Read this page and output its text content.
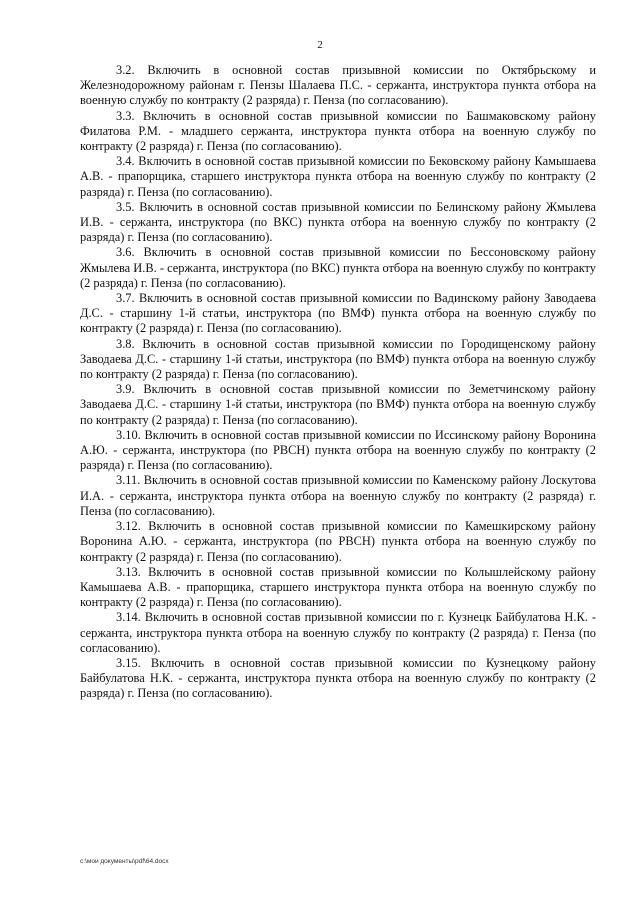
2

3.2. Включить в основной состав призывной комиссии по Октябрьскому и Железнодорожному районам г. Пензы Шалаева П.С. - сержанта, инструктора пункта отбора на военную службу по контракту (2 разряда) г. Пенза (по согласованию).

3.3. Включить в основной состав призывной комиссии по Башмаковскому району Филатова Р.М. - младшего сержанта, инструктора пункта отбора на военную службу по контракту (2 разряда) г. Пенза (по согласованию).

3.4. Включить в основной состав призывной комиссии по Бековскому району Камышаева А.В. - прапорщика, старшего инструктора пункта отбора на военную службу по контракту (2 разряда) г. Пенза (по согласованию).

3.5. Включить в основной состав призывной комиссии по Белинскому району Жмылева И.В. - сержанта, инструктора (по ВКС) пункта отбора на военную службу по контракту (2 разряда) г. Пенза (по согласованию).

3.6. Включить в основной состав призывной комиссии по Бессоновскому району Жмылева И.В. - сержанта, инструктора (по ВКС) пункта отбора на военную службу по контракту (2 разряда) г. Пенза (по согласованию).

3.7. Включить в основной состав призывной комиссии по Вадинскому району Заводаева Д.С. - старшину 1-й статьи, инструктора (по ВМФ) пункта отбора на военную службу по контракту (2 разряда) г. Пенза (по согласованию).

3.8. Включить в основной состав призывной комиссии по Городищенскому району Заводаева Д.С. - старшину 1-й статьи, инструктора (по ВМФ) пункта отбора на военную службу по контракту (2 разряда) г. Пенза (по согласованию).

3.9. Включить в основной состав призывной комиссии по Земетчинскому району Заводаева Д.С. - старшину 1-й статьи, инструктора (по ВМФ) пункта отбора на военную службу по контракту (2 разряда) г. Пенза (по согласованию).

3.10. Включить в основной состав призывной комиссии по Иссинскому району Воронина А.Ю. - сержанта, инструктора (по РВСН) пункта отбора на военную службу по контракту (2 разряда) г. Пенза (по согласованию).

3.11. Включить в основной состав призывной комиссии по Каменскому району Лоскутова И.А. - сержанта, инструктора пункта отбора на военную службу по контракту (2 разряда) г. Пенза (по согласованию).

3.12. Включить в основной состав призывной комиссии по Камешкирскому району Воронина А.Ю. - сержанта, инструктора (по РВСН) пункта отбора на военную службу по контракту (2 разряда) г. Пенза (по согласованию).

3.13. Включить в основной состав призывной комиссии по Колышлейскому району Камышаева А.В. - прапорщика, старшего инструктора пункта отбора на военную службу по контракту (2 разряда) г. Пенза (по согласованию).

3.14. Включить в основной состав призывной комиссии по г. Кузнецк Байбулатова Н.К. - сержанта, инструктора пункта отбора на военную службу по контракту (2 разряда) г. Пенза (по согласованию).

3.15. Включить в основной состав призывной комиссии по Кузнецкому району Байбулатова Н.К. - сержанта, инструктора пункта отбора на военную службу по контракту (2 разряда) г. Пенза (по согласованию).

c:\мои документы\pdf\64.docx
